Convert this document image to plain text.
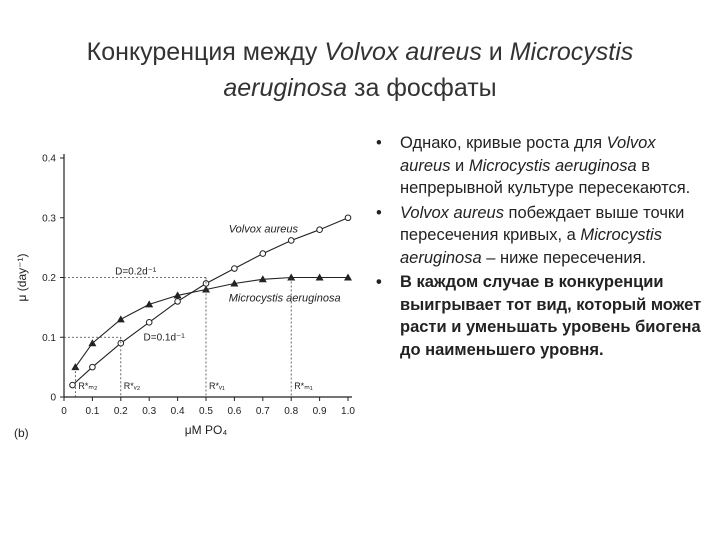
Конкуренция между Volvox aureus и Microcystis
aeruginosa за фосфаты
0
0.1
0.2
0.3
0.4
0 0.1 0.2 0.3 0.4 0.5 0.6 0.7 0.8 0.9 1.0
μ (day⁻¹)
μM PO₄
(b)
Volvox aureus
Microcystis aeruginosa
D=0.2d⁻¹
D=0.1d⁻¹
R*ₘ₂	R*ᵥ₂	R*ᵥ₁	R*ₘ₁
• Однако, кривые роста для Volvox aureus и Microcystis aeruginosa в непрерывной культуре пересекаются.
• Volvox aureus побеждает выше точки пересечения кривых, а Microcystis aeruginosa – ниже пересечения.
• В каждом случае в конкуренции выигрывает тот вид, который может расти и уменьшать уровень биогена до наименьшего уровня.
